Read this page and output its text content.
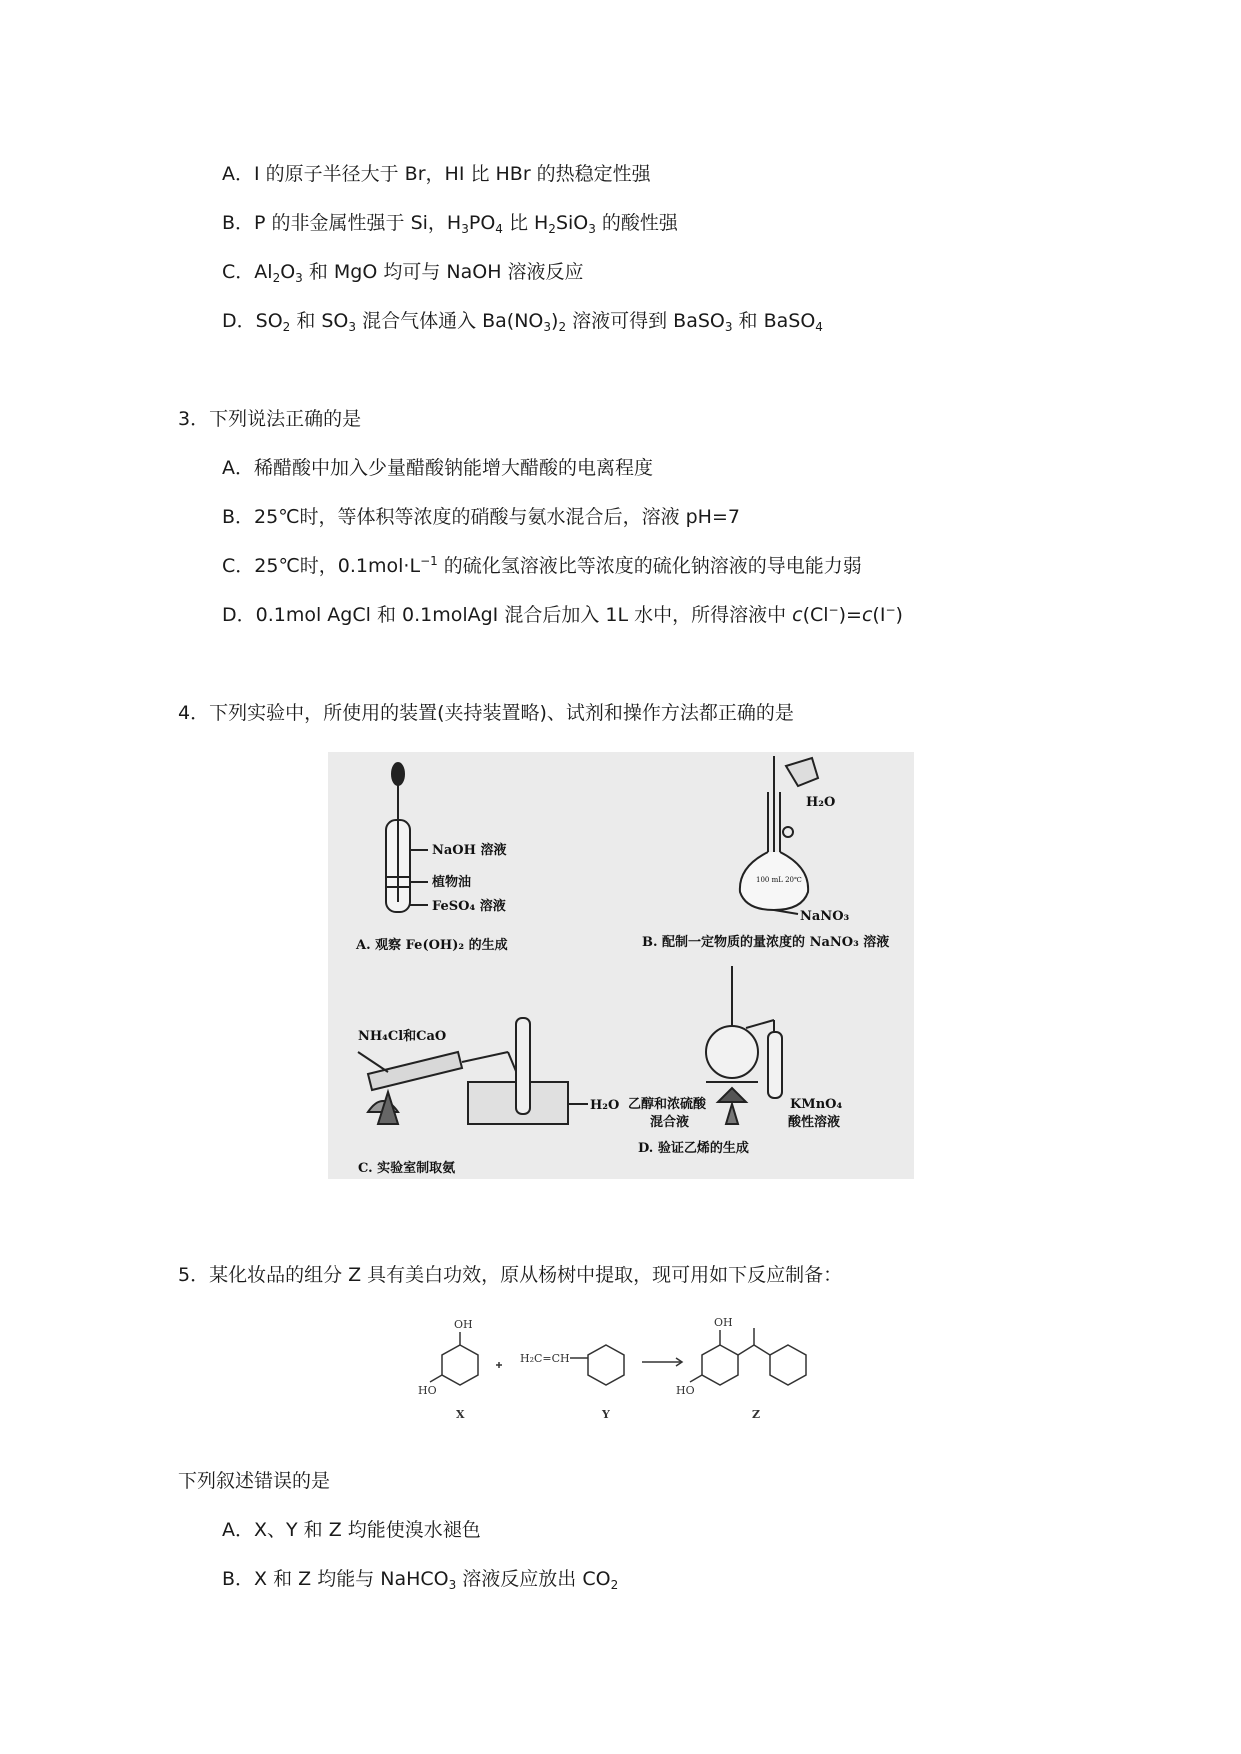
A．I 的原子半径大于 Br，HI 比 HBr 的热稳定性强
B．P 的非金属性强于 Si，$H_3PO_4$ 比 $H_2SiO_3$ 的酸性强
C．$Al_2O_3$ 和 MgO 均可与 NaOH 溶液反应
D．$SO_2$ 和 $SO_3$ 混合气体通入 $Ba(NO_3)_2$ 溶液可得到 BaSO$_3$ 和 BaSO$_4$
3．下列说法正确的是
A．稀醋酸中加入少量醋酸钠能增大醋酸的电离程度
B．25℃时，等体积等浓度的硝酸与氨水混合后，溶液 pH=7
C．25℃时，$0.1mol\cdot L^{-1}$ 的硫化氢溶液比等浓度的硫化钠溶液的导电能力弱
D．0.1mol AgCl 和 0.1molAgI 混合后加入 1L 水中，所得溶液中 c(Cl−)=c(I−)
4．下列实验中，所使用的装置(夹持装置略)、试剂和操作方法都正确的是
NaOH 溶液
植物油
FeSO₄ 溶液
A. 观察 Fe(OH)₂ 的生成
H₂O
100 mL 20℃
NaNO₃
B. 配制一定物质的量浓度的 NaNO₃ 溶液
NH₄Cl和CaO
H₂O
C. 实验室制取氨
乙醇和浓硫酸
混合液
KMnO₄
酸性溶液
D. 验证乙烯的生成
5．某化妆品的组分 Z 具有美白功效，原从杨树中提取，现可用如下反应制备：
OH
HO
X
H₂C=CH
Y
OH
HO
Z
下列叙述错误的是
A．X、Y 和 Z 均能使溴水褪色
B．X 和 Z 均能与 NaHCO$_3$ 溶液反应放出 $CO_2$
